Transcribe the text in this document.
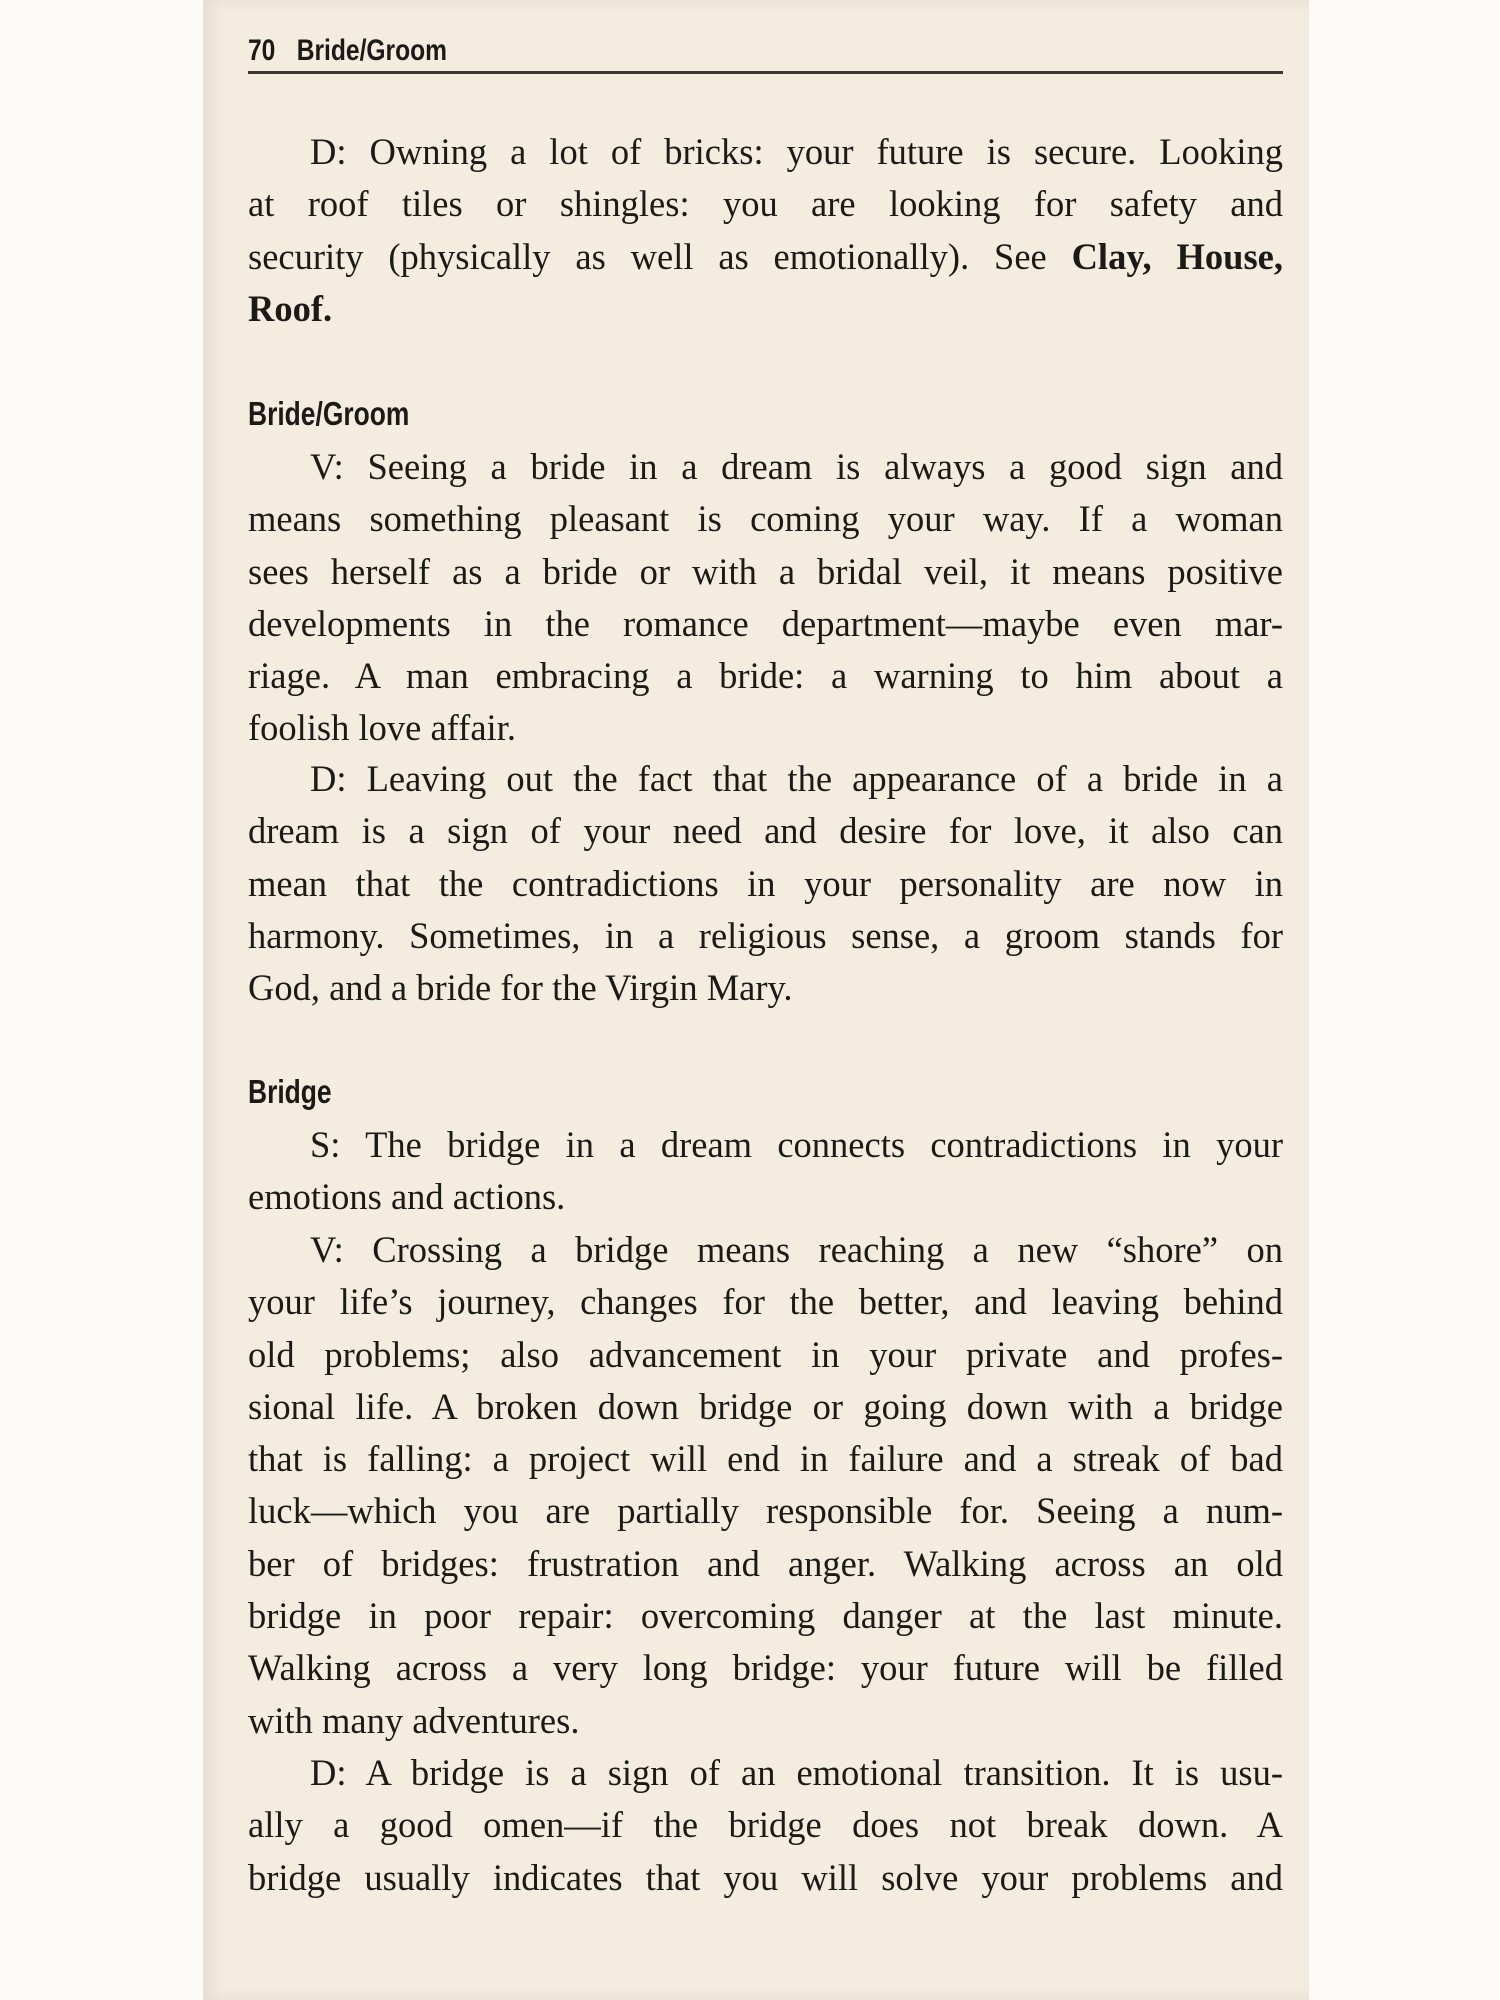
70 Bride/Groom
D: Owning a lot of bricks: your future is secure. Looking
at roof tiles or shingles: you are looking for safety and
security (physically as well as emotionally). See Clay, House,
Roof.
Bride/Groom
V: Seeing a bride in a dream is always a good sign and
means something pleasant is coming your way. If a woman
sees herself as a bride or with a bridal veil, it means positive
developments in the romance department—maybe even mar-
riage. A man embracing a bride: a warning to him about a
foolish love affair.
D: Leaving out the fact that the appearance of a bride in a
dream is a sign of your need and desire for love, it also can
mean that the contradictions in your personality are now in
harmony. Sometimes, in a religious sense, a groom stands for
God, and a bride for the Virgin Mary.
Bridge
S: The bridge in a dream connects contradictions in your
emotions and actions.
V: Crossing a bridge means reaching a new “shore” on
your life’s journey, changes for the better, and leaving behind
old problems; also advancement in your private and profes-
sional life. A broken down bridge or going down with a bridge
that is falling: a project will end in failure and a streak of bad
luck—which you are partially responsible for. Seeing a num-
ber of bridges: frustration and anger. Walking across an old
bridge in poor repair: overcoming danger at the last minute.
Walking across a very long bridge: your future will be filled
with many adventures.
D: A bridge is a sign of an emotional transition. It is usu-
ally a good omen—if the bridge does not break down. A
bridge usually indicates that you will solve your problems and
